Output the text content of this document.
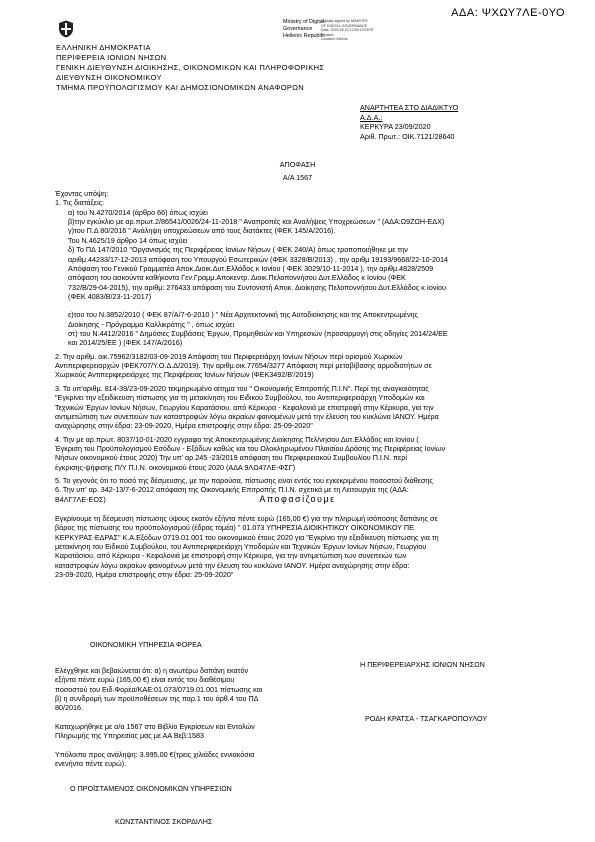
ΑΔΑ: ΨΧΩΥ7ΛΕ-0ΥΟ
Ministry of Digital
Governance
Hellenic Republic
Digitally signed by MINISTRY
OF DIGITAL GOVERNANCE
Date: 2020.09.23 12:55:19 EEST
Reason:
Location: Athens
ΕΛΛΗΝΙΚΗ ΔΗΜΟΚΡΑΤΙΑ
ΠΕΡΙΦΕΡΕΙΑ ΙΟΝΙΩΝ ΝΗΣΩΝ
ΓΕΝΙΚΗ ΔΙΕΥΘΥΝΣΗ ΔΙΟΙΚΗΣΗΣ, ΟΙΚΟΝΟΜΙΚΩΝ ΚΑΙ ΠΛΗΡΟΦΟΡΙΚΗΣ
ΔΙΕΥΘΥΝΣΗ ΟΙΚΟΝΟΜΙΚΟΥ
ΤΜΗΜΑ ΠΡΟΫΠΟΛΟΓΙΣΜΟΥ ΚΑΙ ΔΗΜΟΣΙΟΝΟΜΙΚΩΝ ΑΝΑΦΟΡΩΝ
ΑΝΑΡΤΗΤΕΑ ΣΤΟ ΔΙΑΔΙΚΤΥΟ
Α.Δ.Α.:
ΚΕΡΚΥΡΑ 23/09/2020
Αριθ. Πρωτ.: ΟΙΚ.7121/28640
ΑΠΟΦΑΣΗ
Α/Α 1567

Έχοντας υπόψη:

1. Τις διατάξεις:

α) του Ν.4270/2014 (άρθρο 66) όπως ισχύει
β)την εγκύκλιο με αρ.πρωτ.2/86541/0026/24-11-2018 " Αναπροπές και Αναλήψεις Υποχρεώσεων " (ΑΔΑ:Ω9ΖΩΗ-ΕΔΧ)
γ)του Π.Δ 80/2016 " Ανάληψη υποχρεώσεων από τους διατάκτες (ΦΕΚ 145/Α/2016).
Του Ν.4625/19 άρθρο 14 όπως ισχύει
δ) Το ΠΔ 147/2010 "Οργανισμός της Περιφέρειας Ιονίων Νήσων ( ΦΕΚ 240/Α) όπως τροποποιήθηκε με την
αριθμ.44233/17-12-2013 απόφαση του Υπουργού Εσωτερικών (ΦΕΚ 3328/Β/2013) , την αριθμ 19193/9668/22-10-2014
Απόφαση του Γενικού Γραμματέα Αποκ.Διοικ.Δυτ.Ελλάδος κ Ιονίου ( ΦΕΚ 3029/10-11-2014 ), την αριθμ.4828/2509
απόφαση του ασκούντα καθήκοντα Γεν.Γραμμ.Αποκεντρ. Διοικ.Πελοποννήσου Δυτ.Ελλάδος κ Ιονίου (ΦΕΚ
732/Β/29-04-2015), την αριθμ: 276433 απόφαση του Συντονιστή Αποκ. Διοίκησης Πελοποννήσου Δυτ.Ελλάδος κ Ιονίου
(ΦΕΚ 4083/Β/23-11-2017)
ε)του του Ν.3852/2010 ( ΦΕΚ 87/Α/7-6-2010 ) " Νέα Αρχιτεκτονική της Αυτοδιοίκησης και της Αποκεντρωμένης
Διοίκησης - Πρόγραμμα Καλλικράτης " , όπως ισχύει
στ) του Ν.4412/2016 " Δημόσιες Συμβάσεις Έργων, Προμηθειών και Υπηρεσιών (προσαρμογή στις οδηγίες 2014/24/ΕΕ
και 2014/25/ΕΕ ) (ΦΕΚ 147/Α/2016)
2. Την αριθμ. οικ.75962/3182/03-09-2019 Απόφαση του Περιφερειάρχη Ιονίων Νήσων περί ορισμού Χωρικών
Αντιπεριφερειαρχών (ΦΕΚ707/Υ.Ο.Δ.Δ/2019). Την αριθμ.οικ.77654/3277 Απόφαση περί μεταβίβασης αρμοδιοτήτων σε
Χωρικούς Αντιπεριφερειάρχες της Περιφέρειας Ιονίων Νήσων (ΦΕΚ3492/Β'/2019)
3. Το υπ'αριθμ. 814-39/23-09-2020 τεκμηριωμένο αίτημα του " Οικονομικής Επιτροπής Π.Ι.Ν". Περί της αναγκαιότητας
"Εγκρίνει την εξειδίκευση πίστωσης για τη μετακίνηση του Ειδικού Συμβούλου, του Αντιπεριφερειάρχη Υποδομών και
Τεχνικών Έργων Ιονίων Νήσων, Γεωργίου Καρατάσιου, από Κέρκυρα - Κεφαλονιά με επιστροφή στην Κέρκυρα, για την
αντιμετώπιση των συνεπειών των καταστροφών λόγω ακραίων φαινομένων μετά την έλευση του κυκλώνα ΙΑΝΟΥ. Ημέρα
αναχώρησης στην έδρα: 23-09-2020, Ημέρα επιστροφής στην έδρα: 25-09-2020"
4. Την με αρ.πρωτ. 8037/10-01-2020 εγγραφο της Αποκεντρωμένης Διοίκησης Πελ/νησου Δυτ.Ελλάδος και Ιονίου (
Έγκριση του Προϋπολογισμού Εσόδων - Εξόδων καθώς και του Ολοκληρωμένου Πλαισίου Δράσης της Περιφέρειας Ιονίων
Νήσων οικονομικού έτους 2020) Την υπ' αρ.245 -23/2019 απόφαση του Περιφερειακού Συμβουλίου Π.Ι.Ν. περί
έγκρισης-ψήφισης Π/Υ Π.Ι.Ν. οικονομικού έτους 2020 (ΑΔΑ 9ΛΩ47ΛΕ-ΦΣΓ)
5. Το γεγονός ότι το ποσό της δέσμευσης, με την παρούσα, πίστωσης είναι εντός του εγκεκριμένου ποσοστού διάθεσης
6. Την υπ' αρ. 342-13/7-6-2012 απόφαση της Οικονομικής Επιτροπής Π.Ι.Ν. σχετικά με τη Λειτουργία της (ΑΔΑ:
Β4ΛΓ7ΛΕ-ΕΟΣ)	Αποφασίζουμε
Εγκρίνουμε τη δέσμευση πίστωσης ύψους εκατόν εξήντα πέντε ευρώ (165,00 €) για την πληρωμή ισόποσης δαπάνης σε
βάρος της πίστωσης του προϋπολογισμού (έδρας τομέα) " 01.073 ΥΠΗΡΕΣΙΑ ΔΙΟΙΚΗΤΙΚΟΥ ΟΙΚΟΝΟΜΙΚΟΥ ΠΕ
ΚΕΡΚΥΡΑΣ-ΕΔΡΑΣ" Κ.Α.Εξόδων 0719.01.001 του οικονομικού έτους 2020 για "Εγκρίνει την εξειδίκευση πίστωσης για τη
μετακίνηση του Ειδικού Συμβούλου, του Αντιπεριφερειάρχη Υποδομών και Τεχνικών Έργων Ιονίων Νήσων, Γεωργίου
Καρατάσιου, από Κέρκυρα - Κεφαλονιά με επιστροφή στην Κέρκυρα, για την αντιμετώπιση των συνεπειών των
καταστροφών λόγω ακραίων φαινομένων μετά την έλευση του κυκλώνα ΙΑΝΟΥ. Ημέρα αναχώρησης στην έδρα:
23-09-2020, Ημέρα επιστροφής στην έδρα: 25-09-2020"
ΟΙΚΟΝΟΜΙΚΗ ΥΠΗΡΕΣΙΑ ΦΟΡΕΑ
Η ΠΕΡΙΦΕΡΕΙΑΡΧΗΣ ΙΟΝΙΩΝ ΝΗΣΩΝ
Ελέγχθηκε και βεβαιώνεται ότι: α) η ανωτέρω δαπάνη εκατόν
εξήντα πέντε ευρώ (165,00 €) είναι εντός του διαθέσιμου
ποσοστού του Ειδ.Φορέα/ΚΑΕ:01.073/0719.01.001 πίστωσης και
β) η συνδρομή των προϋποθέσεων της παρ.1 του άρθ.4 του ΠΔ
80/2016.
Καταχωρήθηκε με α/α 1567 στο Βιβλίο Εγκρίσεων και Εντολών
Πληρωμής της Υπηρεσίας μας με ΑΑ Βεβ:1583
Υπόλοιπο προς ανάληψη: 3.995,00 €(τρεις χιλιάδες εννιακόσια
ενενήντα πέντε ευρώ).
ΡΟΔΗ ΚΡΑΤΣΑ - ΤΣΑΓΚΑΡΟΠΟΥΛΟΥ
Ο ΠΡΟΪΣΤΑΜΕΝΟΣ ΟΙΚΟΝΟΜΙΚΩΝ ΥΠΗΡΕΣΙΩΝ
ΚΩΝΣΤΑΝΤΙΝΟΣ ΣΚΟΡΔΙΛΗΣ
